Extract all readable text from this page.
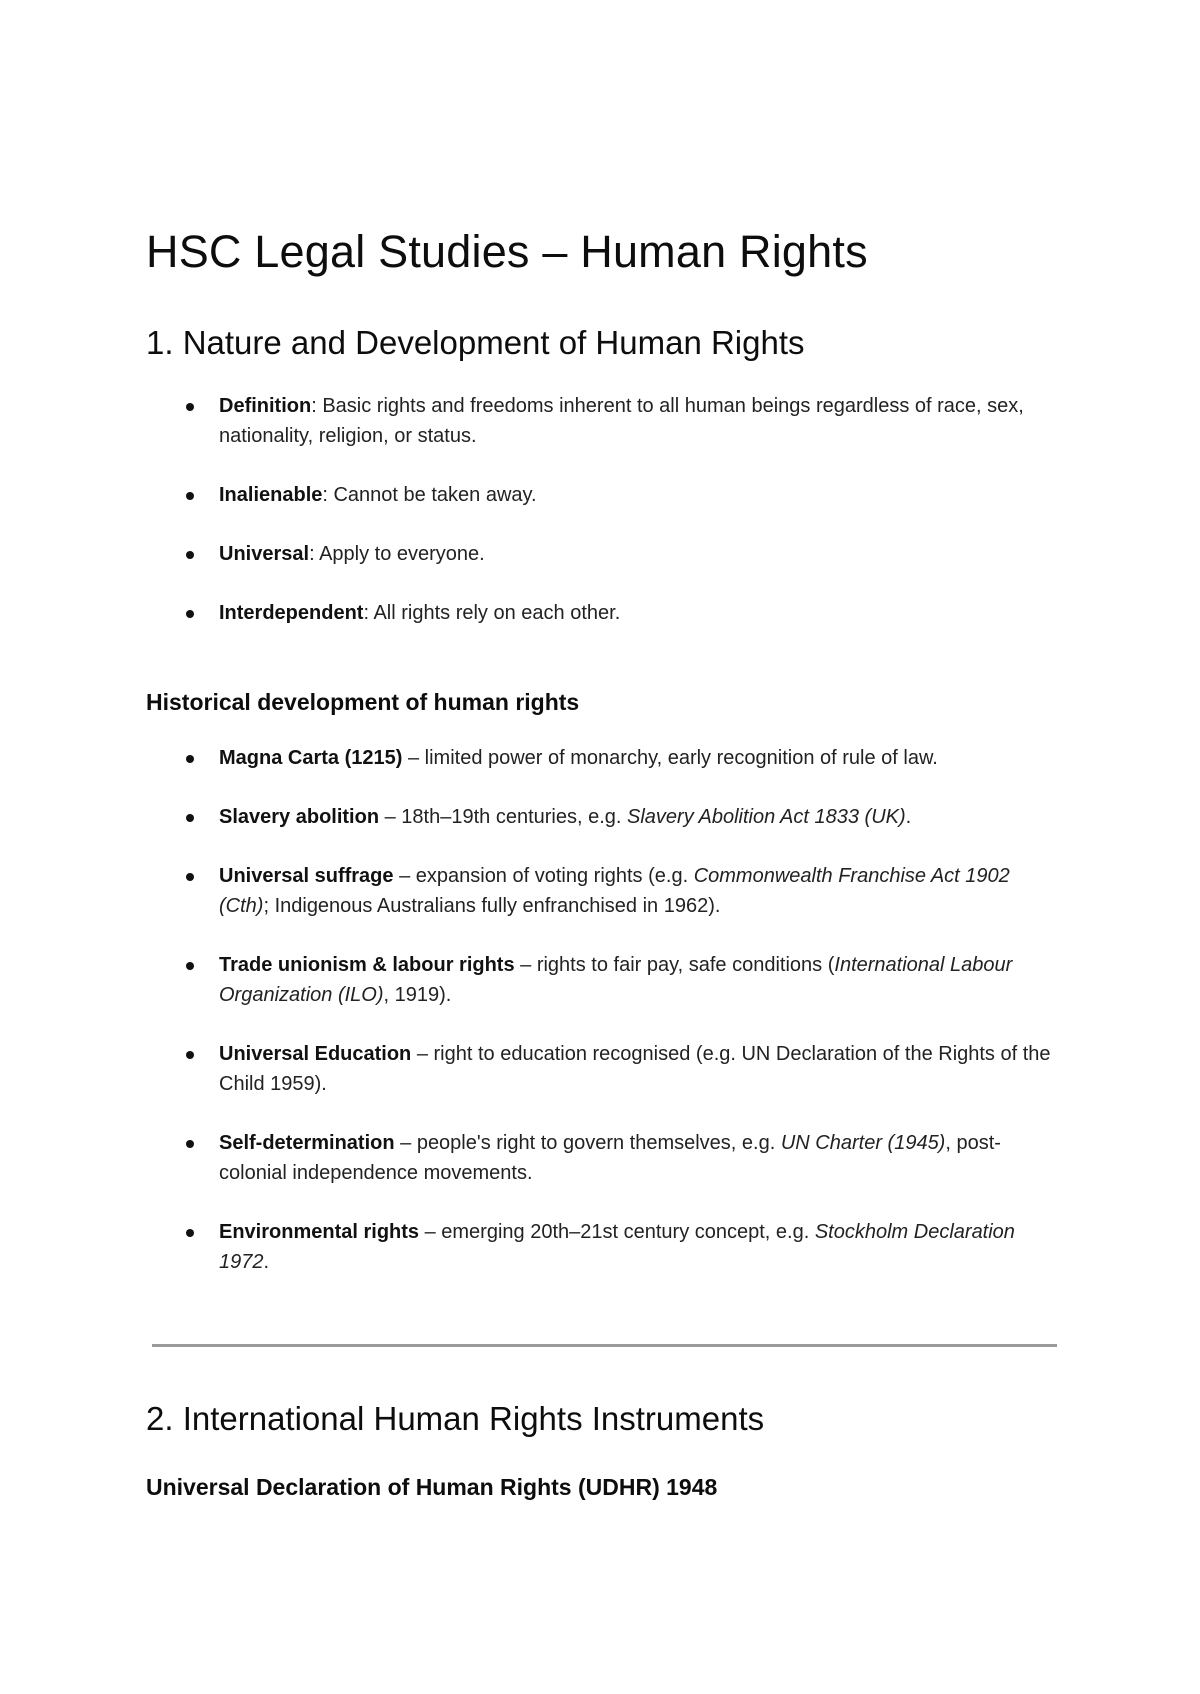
HSC Legal Studies – Human Rights
1. Nature and Development of Human Rights
Definition: Basic rights and freedoms inherent to all human beings regardless of race, sex, nationality, religion, or status.
Inalienable: Cannot be taken away.
Universal: Apply to everyone.
Interdependent: All rights rely on each other.
Historical development of human rights
Magna Carta (1215) – limited power of monarchy, early recognition of rule of law.
Slavery abolition – 18th–19th centuries, e.g. Slavery Abolition Act 1833 (UK).
Universal suffrage – expansion of voting rights (e.g. Commonwealth Franchise Act 1902 (Cth); Indigenous Australians fully enfranchised in 1962).
Trade unionism & labour rights – rights to fair pay, safe conditions (International Labour Organization (ILO), 1919).
Universal Education – right to education recognised (e.g. UN Declaration of the Rights of the Child 1959).
Self-determination – people's right to govern themselves, e.g. UN Charter (1945), post-colonial independence movements.
Environmental rights – emerging 20th–21st century concept, e.g. Stockholm Declaration 1972.
2. International Human Rights Instruments
Universal Declaration of Human Rights (UDHR) 1948
